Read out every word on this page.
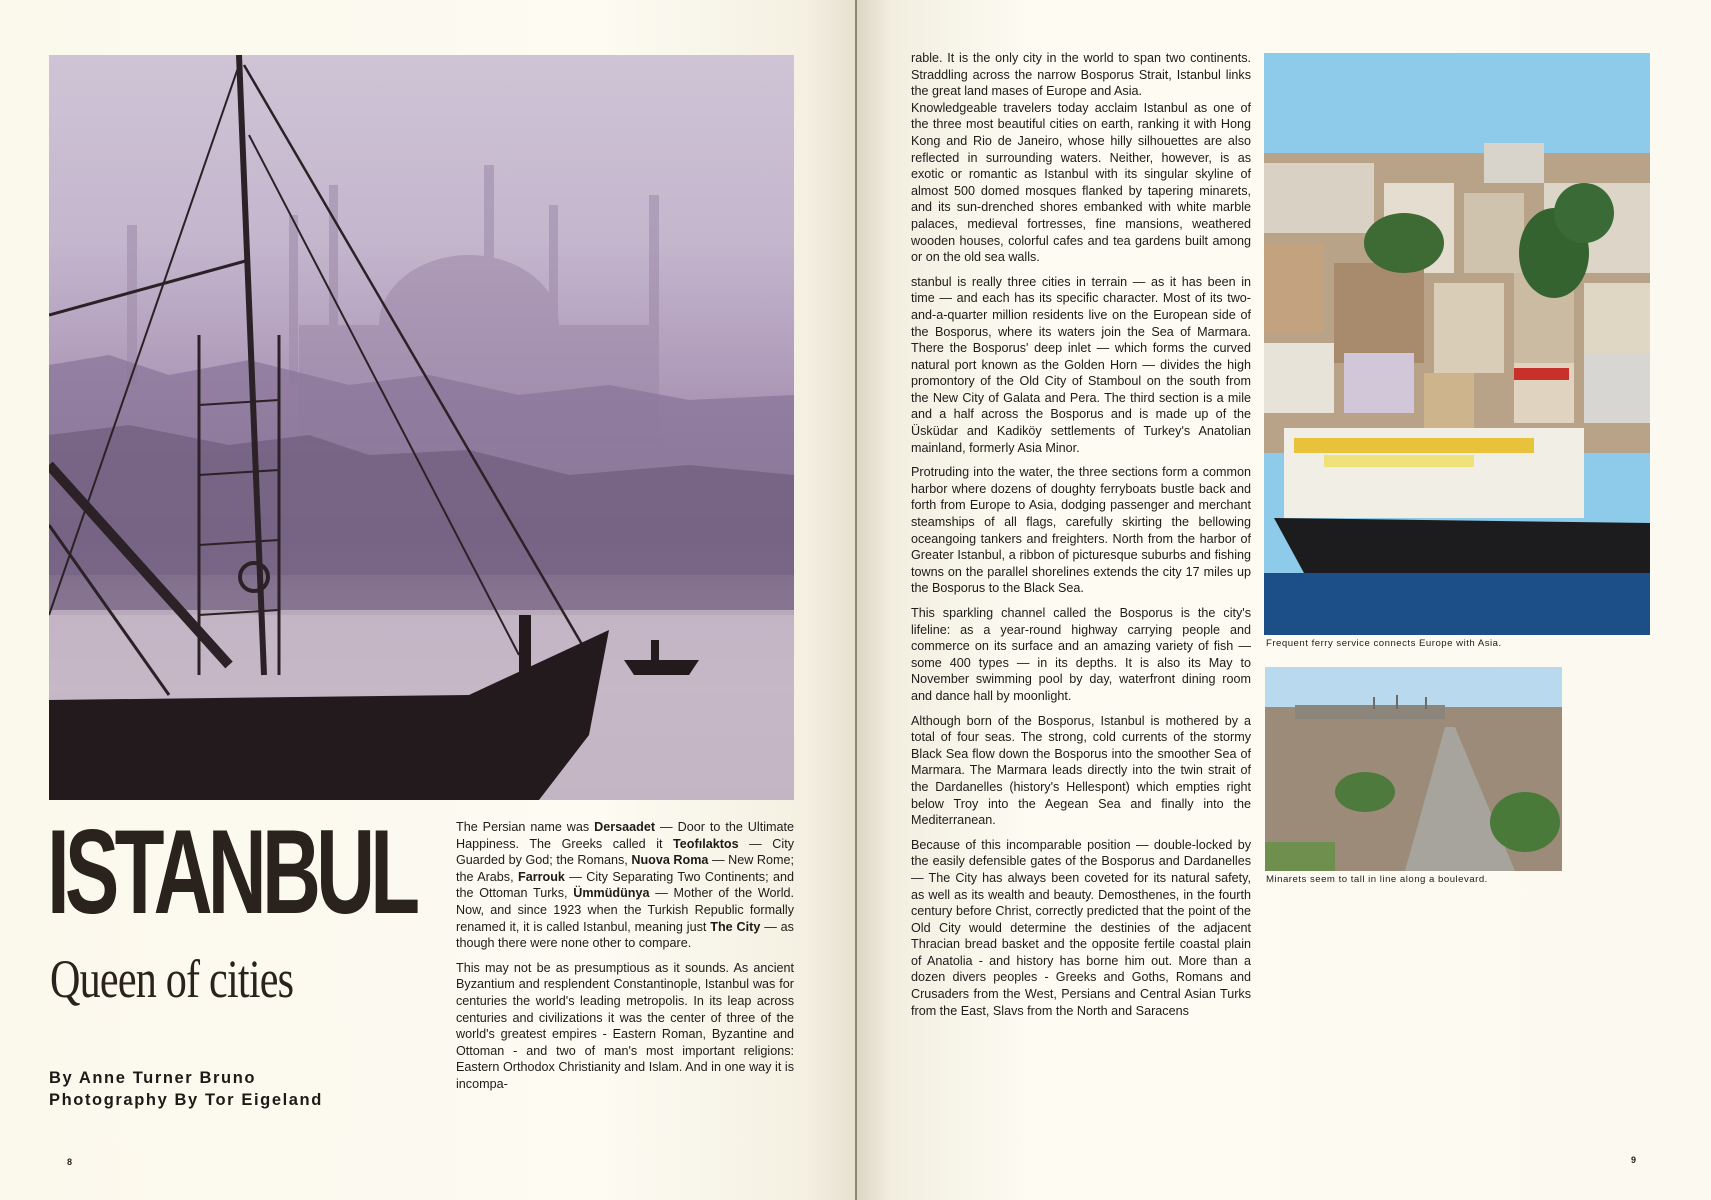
ISTANBUL
Queen of cities
By Anne Turner Bruno
Photography By Tor Eigeland

The Persian name was Dersaadet — Door to the Ultimate Happiness. The Greeks called it Teofılaktos — City Guarded by God; the Romans, Nuova Roma — New Rome; the Arabs, Farrouk — City Separating Two Continents; and the Ottoman Turks, Ümmüdünya — Mother of the World. Now, and since 1923 when the Turkish Republic formally renamed it, it is called Istanbul, meaning just The City — as though there were none other to compare.

This may not be as presumptious as it sounds. As ancient Byzantium and resplendent Constantinople, Istanbul was for centuries the world's leading metropolis. In its leap across centuries and civilizations it was the center of three of the world's greatest empires - Eastern Roman, Byzantine and Ottoman - and two of man's most important religions: Eastern Orthodox Christianity and Islam. And in one way it is incompa-

8

rable. It is the only city in the world to span two continents. Straddling across the narrow Bosporus Strait, Istanbul links the great land mases of Europe and Asia.

Knowledgeable travelers today acclaim Istanbul as one of the three most beautiful cities on earth, ranking it with Hong Kong and Rio de Janeiro, whose hilly silhouettes are also reflected in surrounding waters. Neither, however, is as exotic or romantic as Istanbul with its singular skyline of almost 500 domed mosques flanked by tapering minarets, and its sun-drenched shores embanked with white marble palaces, medieval fortresses, fine mansions, weathered wooden houses, colorful cafes and tea gardens built among or on the old sea walls.

stanbul is really three cities in terrain — as it has been in time — and each has its specific character. Most of its two-and-a-quarter million residents live on the European side of the Bosporus, where its waters join the Sea of Marmara. There the Bosporus' deep inlet — which forms the curved natural port known as the Golden Horn — divides the high promontory of the Old City of Stamboul on the south from the New City of Galata and Pera. The third section is a mile and a half across the Bosporus and is made up of the Üsküdar and Kadiköy settlements of Turkey's Anatolian mainland, formerly Asia Minor.

Protruding into the water, the three sections form a common harbor where dozens of doughty ferryboats bustle back and forth from Europe to Asia, dodging passenger and merchant steamships of all flags, carefully skirting the bellowing oceangoing tankers and freighters. North from the harbor of Greater Istanbul, a ribbon of picturesque suburbs and fishing towns on the parallel shorelines extends the city 17 miles up the Bosporus to the Black Sea.

This sparkling channel called the Bosporus is the city's lifeline: as a year-round highway carrying people and commerce on its surface and an amazing variety of fish — some 400 types — in its depths. It is also its May to November swimming pool by day, waterfront dining room and dance hall by moonlight.

Although born of the Bosporus, Istanbul is mothered by a total of four seas. The strong, cold currents of the stormy Black Sea flow down the Bosporus into the smoother Sea of Marmara. The Marmara leads directly into the twin strait of the Dardanelles (history's Hellespont) which empties right below Troy into the Aegean Sea and finally into the Mediterranean.

Because of this incomparable position — double-locked by the easily defensible gates of the Bosporus and Dardanelles — The City has always been coveted for its natural safety, as well as its wealth and beauty. Demosthenes, in the fourth century before Christ, correctly predicted that the point of the Old City would determine the destinies of the adjacent Thracian bread basket and the opposite fertile coastal plain of Anatolia - and history has borne him out. More than a dozen divers peoples - Greeks and Goths, Romans and Crusaders from the West, Persians and Central Asian Turks from the East, Slavs from the North and Saracens

Frequent ferry service connects Europe with Asia.
Minarets seem to tall in line along a boulevard.
9
